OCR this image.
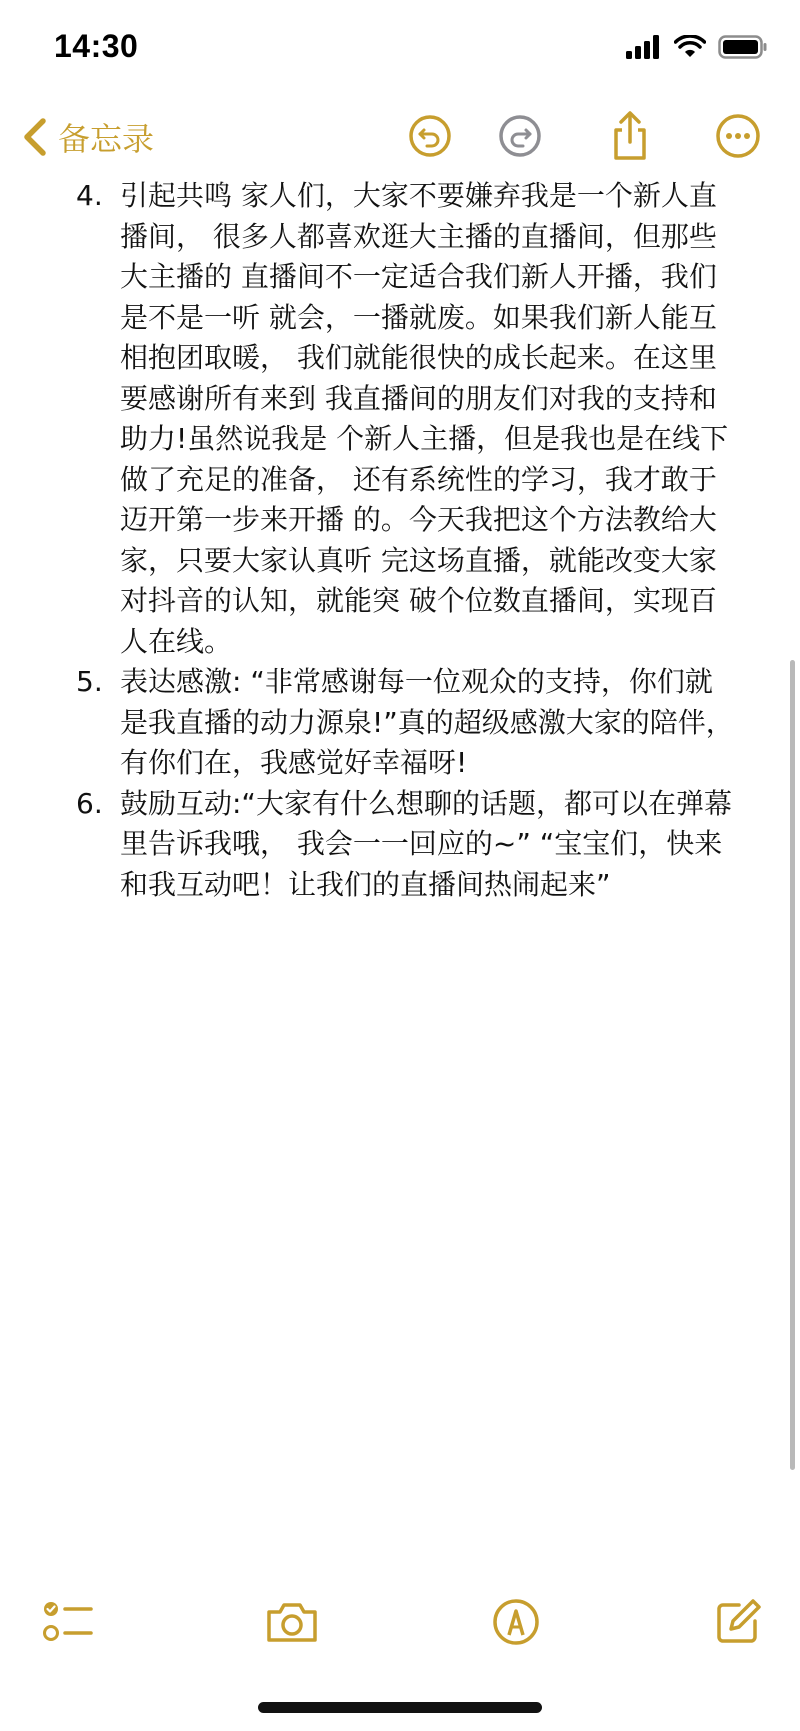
14:30
备忘录
4. 引起共鸣 家人们，大家不要嫌弃我是一个新人直播间， 很多人都喜欢逛大主播的直播间，但那些大主播的 直播间不一定适合我们新人开播，我们是不是一听 就会，一播就废。如果我们新人能互相抱团取暖， 我们就能很快的成长起来。在这里要感谢所有来到 我直播间的朋友们对我的支持和助力!虽然说我是 个新人主播，但是我也是在线下做了充足的准备， 还有系统性的学习，我才敢于迈开第一步来开播 的。今天我把这个方法教给大家，只要大家认真听 完这场直播，就能改变大家对抖音的认知，就能突 破个位数直播间，实现百人在线。
5. 表达感激: “非常感谢每一位观众的支持，你们就是我直播的动力源泉!”真的超级感激大家的陪伴，有你们在，我感觉好幸福呀!
6. 鼓励互动:“大家有什么想聊的话题，都可以在弹幕里告诉我哦， 我会一一回应的~” “宝宝们，快来和我互动吧！让我们的直播间热闹起来”
